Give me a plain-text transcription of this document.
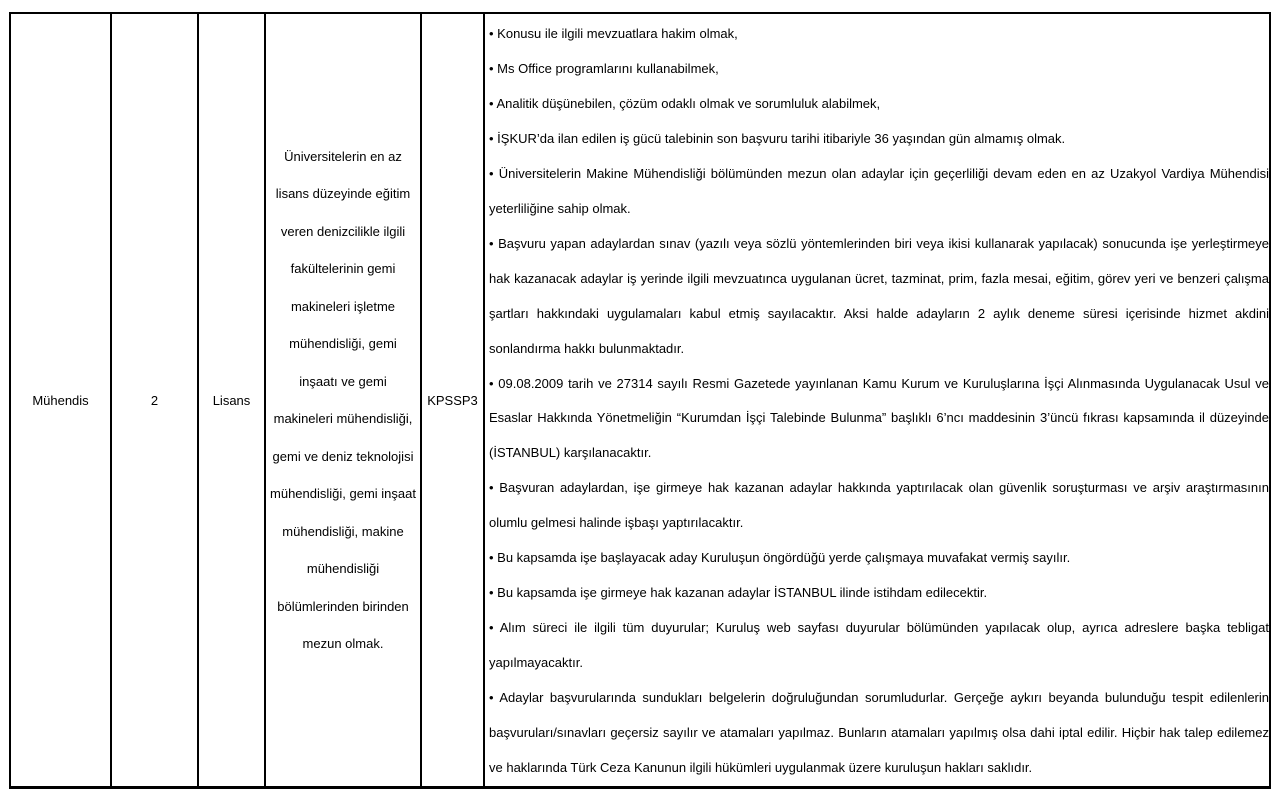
Mühendis	2	Lisans
Üniversitelerin en az lisans düzeyinde eğitim veren denizcilikle ilgili fakültelerinin gemi makineleri işletme mühendisliği, gemi inşaatı ve gemi makineleri mühendisliği, gemi ve deniz teknolojisi mühendisliği, gemi inşaat mühendisliği, makine mühendisliği bölümlerinden birinden mezun olmak.
KPSSP3
• Konusu ile ilgili mevzuatlara hakim olmak,
• Ms Office programlarını kullanabilmek,
• Analitik düşünebilen, çözüm odaklı olmak ve sorumluluk alabilmek,
• İŞKUR’da ilan edilen iş gücü talebinin son başvuru tarihi itibariyle 36 yaşından gün almamış olmak.
• Üniversitelerin Makine Mühendisliği bölümünden mezun olan adaylar için geçerliliği devam eden en az Uzakyol Vardiya Mühendisi yeterliliğine sahip olmak.
• Başvuru yapan adaylardan sınav (yazılı veya sözlü yöntemlerinden biri veya ikisi kullanarak yapılacak) sonucunda işe yerleştirmeye hak kazanacak adaylar iş yerinde ilgili mevzuatınca uygulanan ücret, tazminat, prim, fazla mesai, eğitim, görev yeri ve benzeri çalışma şartları hakkındaki uygulamaları kabul etmiş sayılacaktır. Aksi halde adayların 2 aylık deneme süresi içerisinde hizmet akdini sonlandırma hakkı bulunmaktadır.
• 09.08.2009 tarih ve 27314 sayılı Resmi Gazetede yayınlanan Kamu Kurum ve Kuruluşlarına İşçi Alınmasında Uygulanacak Usul ve Esaslar Hakkında Yönetmeliğin “Kurumdan İşçi Talebinde Bulunma” başlıklı 6’ncı maddesinin 3’üncü fıkrası kapsamında il düzeyinde (İSTANBUL) karşılanacaktır.
• Başvuran adaylardan, işe girmeye hak kazanan adaylar hakkında yaptırılacak olan güvenlik soruşturması ve arşiv araştırmasının olumlu gelmesi halinde işbaşı yaptırılacaktır.
• Bu kapsamda işe başlayacak aday Kuruluşun öngördüğü yerde çalışmaya muvafakat vermiş sayılır.
• Bu kapsamda işe girmeye hak kazanan adaylar İSTANBUL ilinde istihdam edilecektir.
• Alım süreci ile ilgili tüm duyurular; Kuruluş web sayfası duyurular bölümünden yapılacak olup, ayrıca adreslere başka tebligat yapılmayacaktır.
• Adaylar başvurularında sundukları belgelerin doğruluğundan sorumludurlar. Gerçeğe aykırı beyanda bulunduğu tespit edilenlerin başvuruları/sınavları geçersiz sayılır ve atamaları yapılmaz. Bunların atamaları yapılmış olsa dahi iptal edilir. Hiçbir hak talep edilemez ve haklarında Türk Ceza Kanunun ilgili hükümleri uygulanmak üzere kuruluşun hakları saklıdır.
